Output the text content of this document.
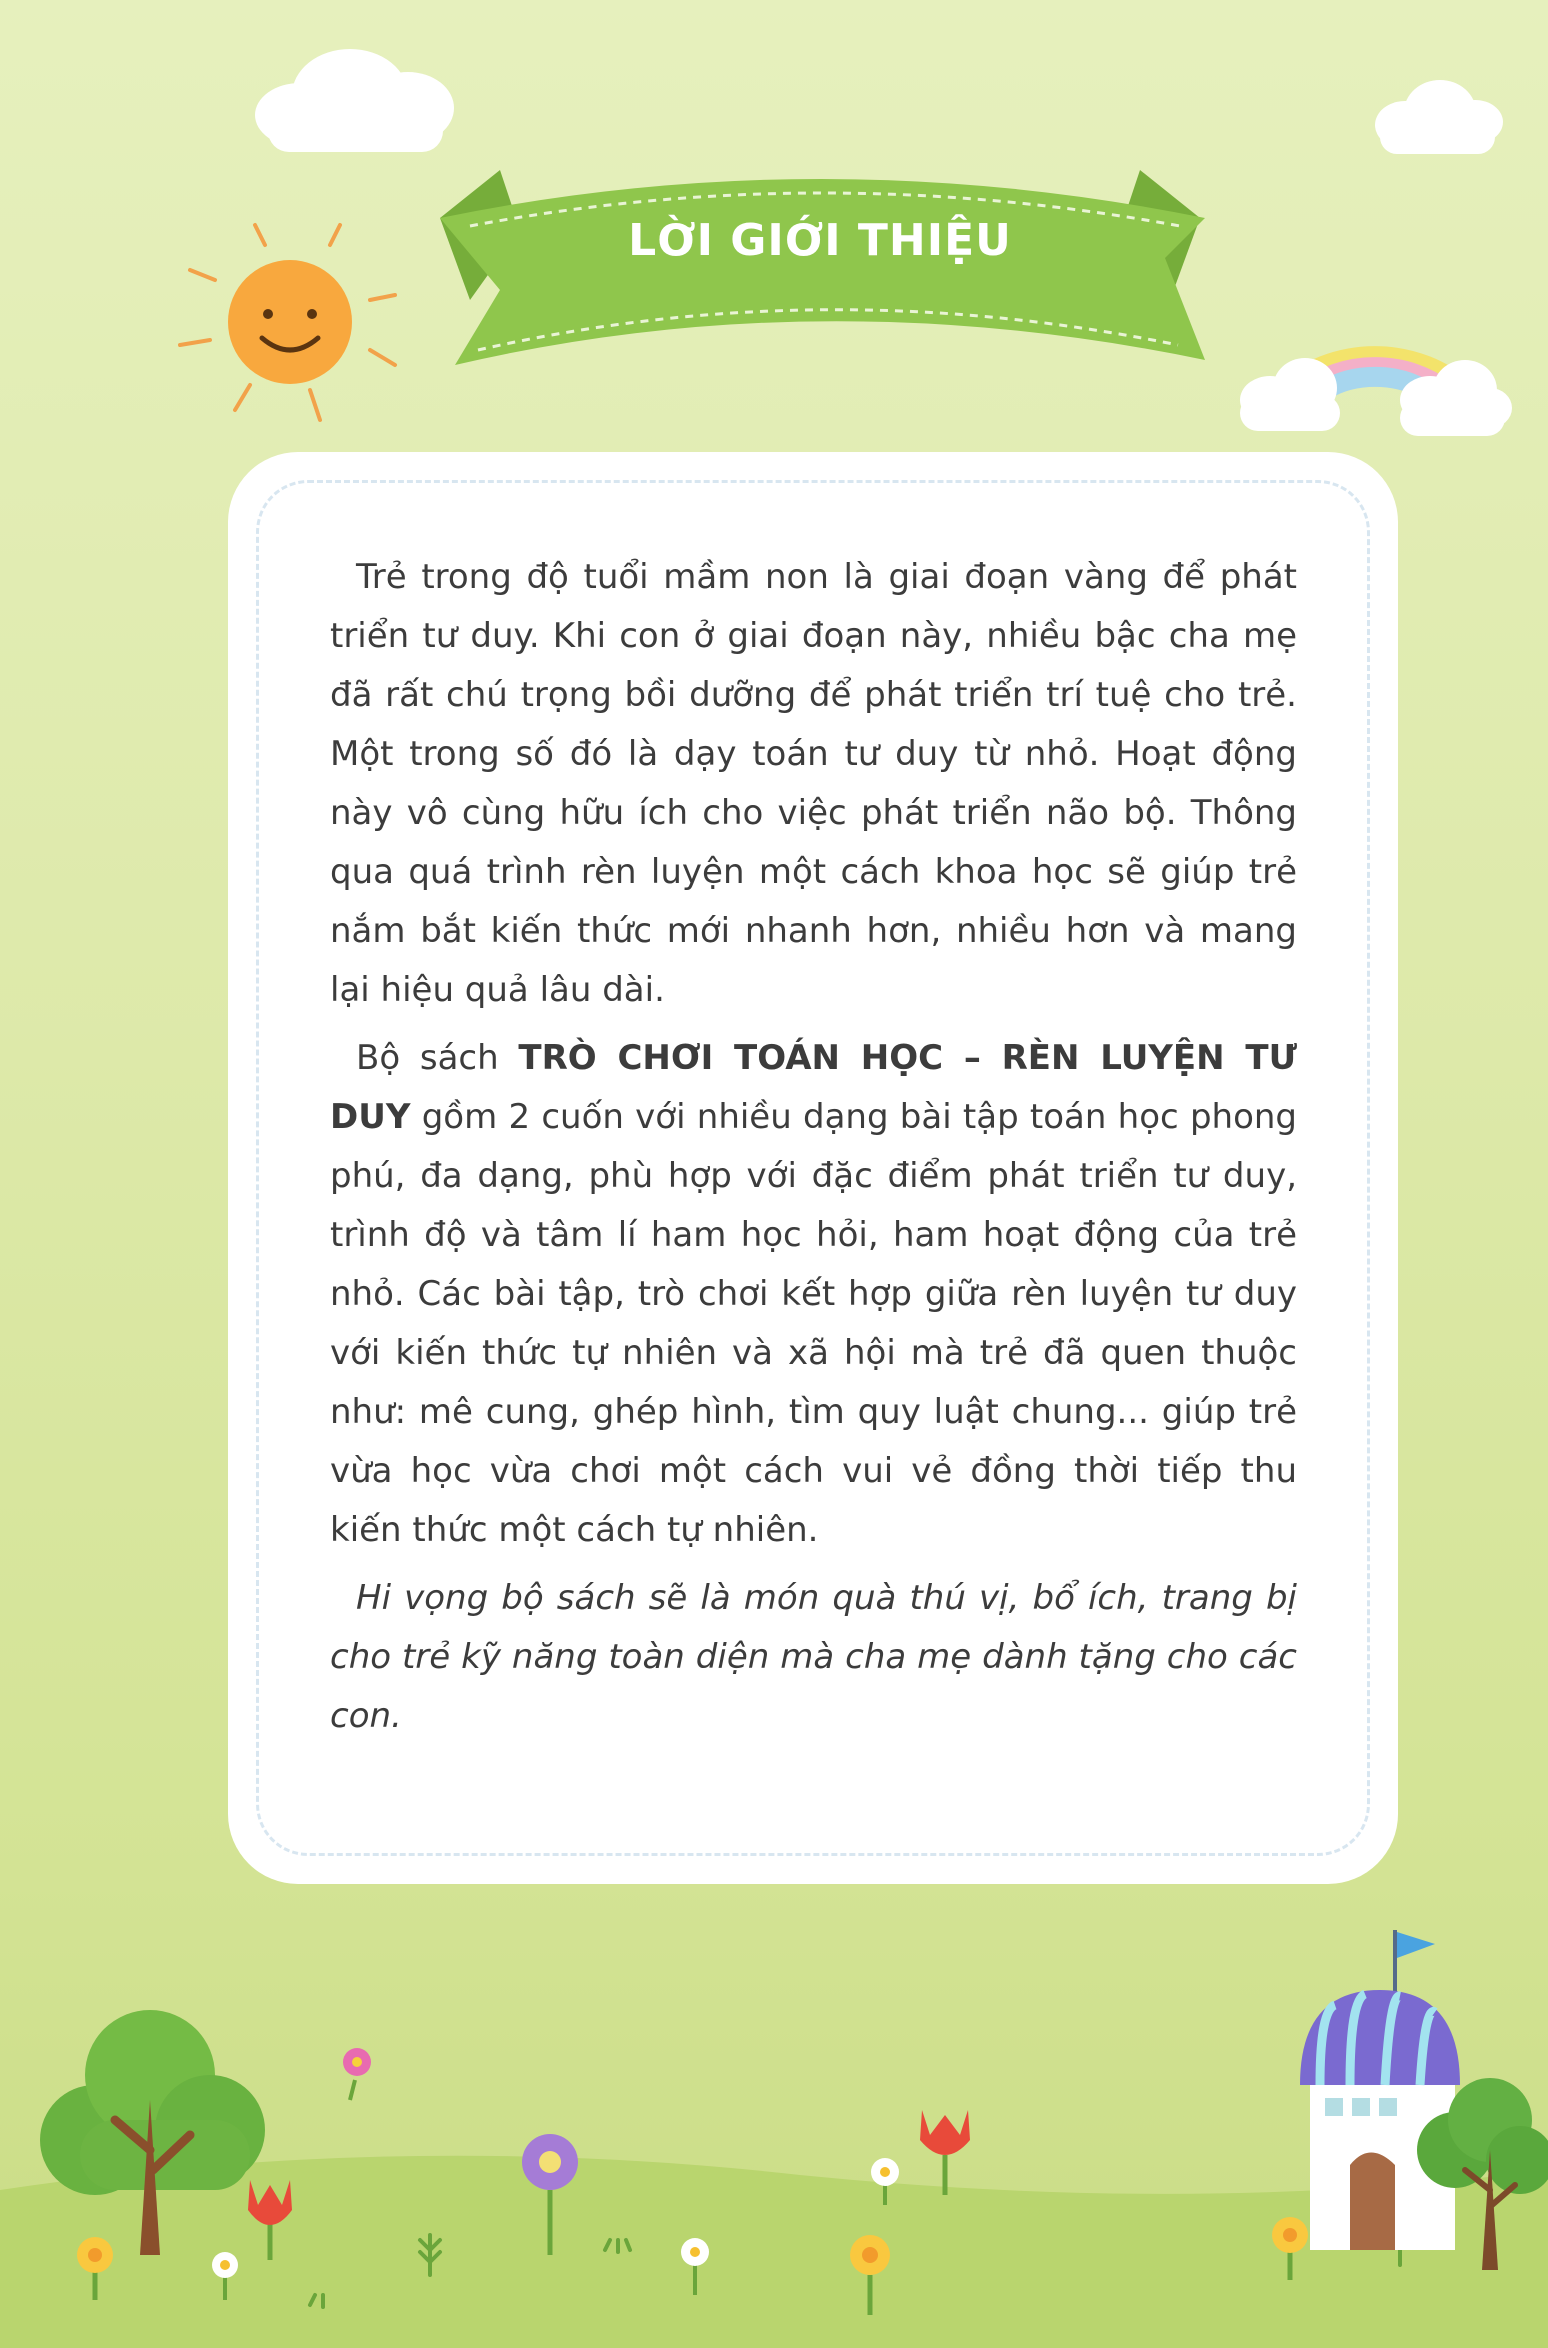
LỜI GIỚI THIỆU

Trẻ trong độ tuổi mầm non là giai đoạn vàng để phát triển tư duy. Khi con ở giai đoạn này, nhiều bậc cha mẹ đã rất chú trọng bồi dưỡng để phát triển trí tuệ cho trẻ. Một trong số đó là dạy toán tư duy từ nhỏ. Hoạt động này vô cùng hữu ích cho việc phát triển não bộ. Thông qua quá trình rèn luyện một cách khoa học sẽ giúp trẻ nắm bắt kiến thức mới nhanh hơn, nhiều hơn và mang lại hiệu quả lâu dài.

Bộ sách TRÒ CHƠI TOÁN HỌC – RÈN LUYỆN TƯ DUY gồm 2 cuốn với nhiều dạng bài tập toán học phong phú, đa dạng, phù hợp với đặc điểm phát triển tư duy, trình độ và tâm lí ham học hỏi, ham hoạt động của trẻ nhỏ. Các bài tập, trò chơi kết hợp giữa rèn luyện tư duy với kiến thức tự nhiên và xã hội mà trẻ đã quen thuộc như: mê cung, ghép hình, tìm quy luật chung... giúp trẻ vừa học vừa chơi một cách vui vẻ đồng thời tiếp thu kiến thức một cách tự nhiên.

Hi vọng bộ sách sẽ là món quà thú vị, bổ ích, trang bị cho trẻ kỹ năng toàn diện mà cha mẹ dành tặng cho các con.
